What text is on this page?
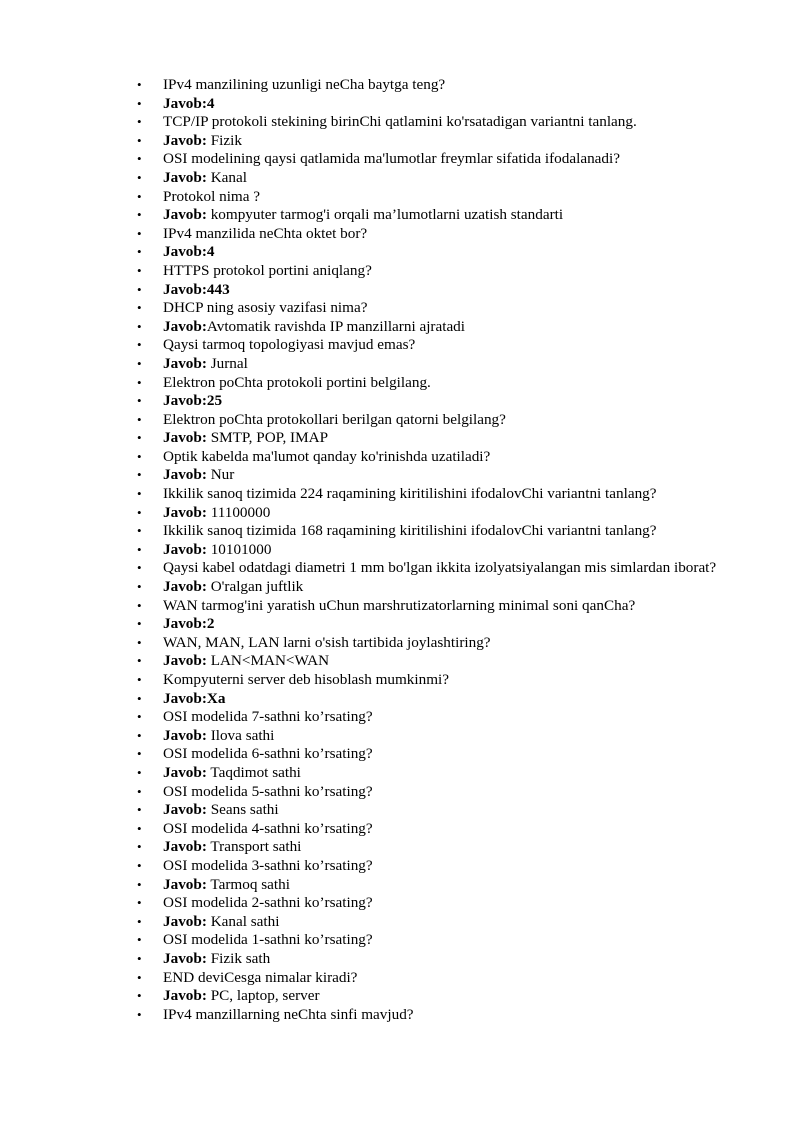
• IPv4 manzilining uzunligi neCha baytga teng?
• Javob:4
• TCP/IP protokoli stekining birinChi qatlamini ko'rsatadigan variantni tanlang.
• Javob: Fizik
• OSI modelining qaysi qatlamida ma'lumotlar freymlar sifatida ifodalanadi?
• Javob: Kanal
• Protokol nima ?
• Javob: kompyuter tarmog'i orqali ma’lumotlarni uzatish standarti
• IPv4 manzilida neChta oktet bor?
• Javob:4
• HTTPS protokol portini aniqlang?
• Javob:443
• DHCP ning asosiy vazifasi nima?
• Javob:Avtomatik ravishda IP manzillarni ajratadi
• Qaysi tarmoq topologiyasi mavjud emas?
• Javob: Jurnal
• Elektron poChta protokoli portini belgilang.
• Javob:25
• Elektron poChta protokollari berilgan qatorni belgilang?
• Javob: SMTP, POP, IMAP
• Optik kabelda ma'lumot qanday ko'rinishda uzatiladi?
• Javob: Nur
• Ikkilik sanoq tizimida 224 raqamining kiritilishini ifodalovChi variantni tanlang?
• Javob: 11100000
• Ikkilik sanoq tizimida 168 raqamining kiritilishini ifodalovChi variantni tanlang?
• Javob: 10101000
• Qaysi kabel odatdagi diametri 1 mm bo'lgan ikkita izolyatsiyalangan mis simlardan iborat?
• Javob: O'ralgan juftlik
• WAN tarmog'ini yaratish uChun marshrutizatorlarning minimal soni qanCha?
• Javob:2
• WAN, MAN, LAN larni o'sish tartibida joylashtiring?
• Javob: LAN<MAN<WAN
• Kompyuterni server deb hisoblash mumkinmi?
• Javob:Xa
• OSI modelida 7-sathni ko’rsating?
• Javob: Ilova sathi
• OSI modelida 6-sathni ko’rsating?
• Javob: Taqdimot sathi
• OSI modelida 5-sathni ko’rsating?
• Javob: Seans sathi
• OSI modelida 4-sathni ko’rsating?
• Javob: Transport sathi
• OSI modelida 3-sathni ko’rsating?
• Javob: Tarmoq sathi
• OSI modelida 2-sathni ko’rsating?
• Javob: Kanal sathi
• OSI modelida 1-sathni ko’rsating?
• Javob: Fizik sath
• END deviCesga nimalar kiradi?
• Javob: PC, laptop, server
• IPv4 manzillarning neChta sinfi mavjud?
